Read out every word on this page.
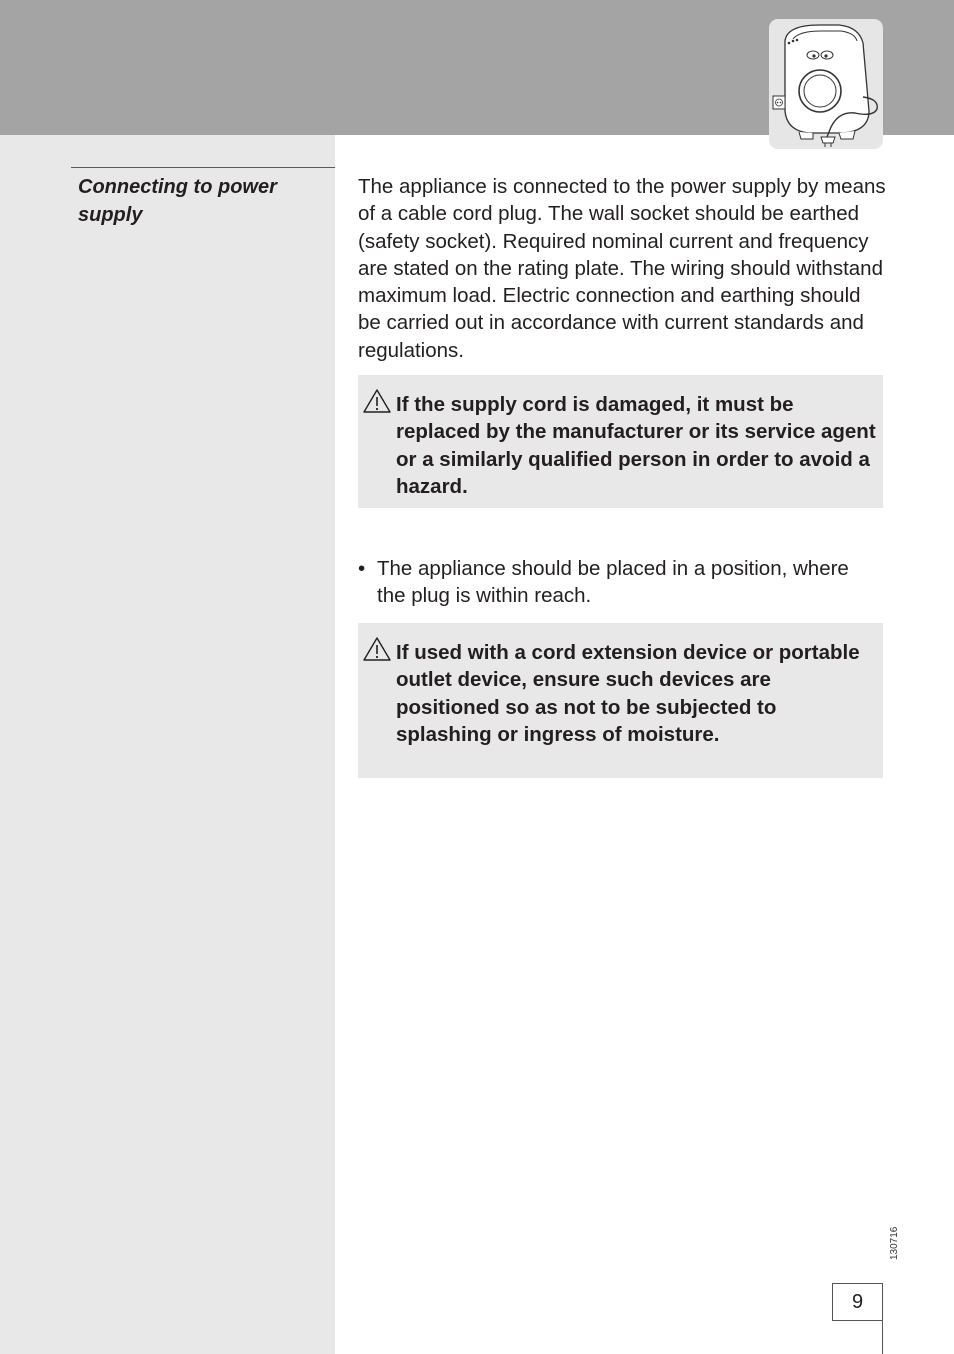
Connecting to power supply

The appliance is connected to the power supply by means of a cable cord plug. The wall socket should be earthed (safety socket). Required nominal current and frequency are stated on the rating plate. The wiring should withstand maximum load. Electric connection and earthing should be carried out in accordance with current standards and regulations.

If the supply cord is damaged, it must be replaced by the manufacturer or its service agent or a similarly qualified person in order to avoid a hazard.

• The appliance should be placed in a position, where the plug is within reach.

If used with a cord extension device or portable outlet device, ensure such devices are positioned so as not to be subjected to splashing or ingress of moisture.

130716
9
